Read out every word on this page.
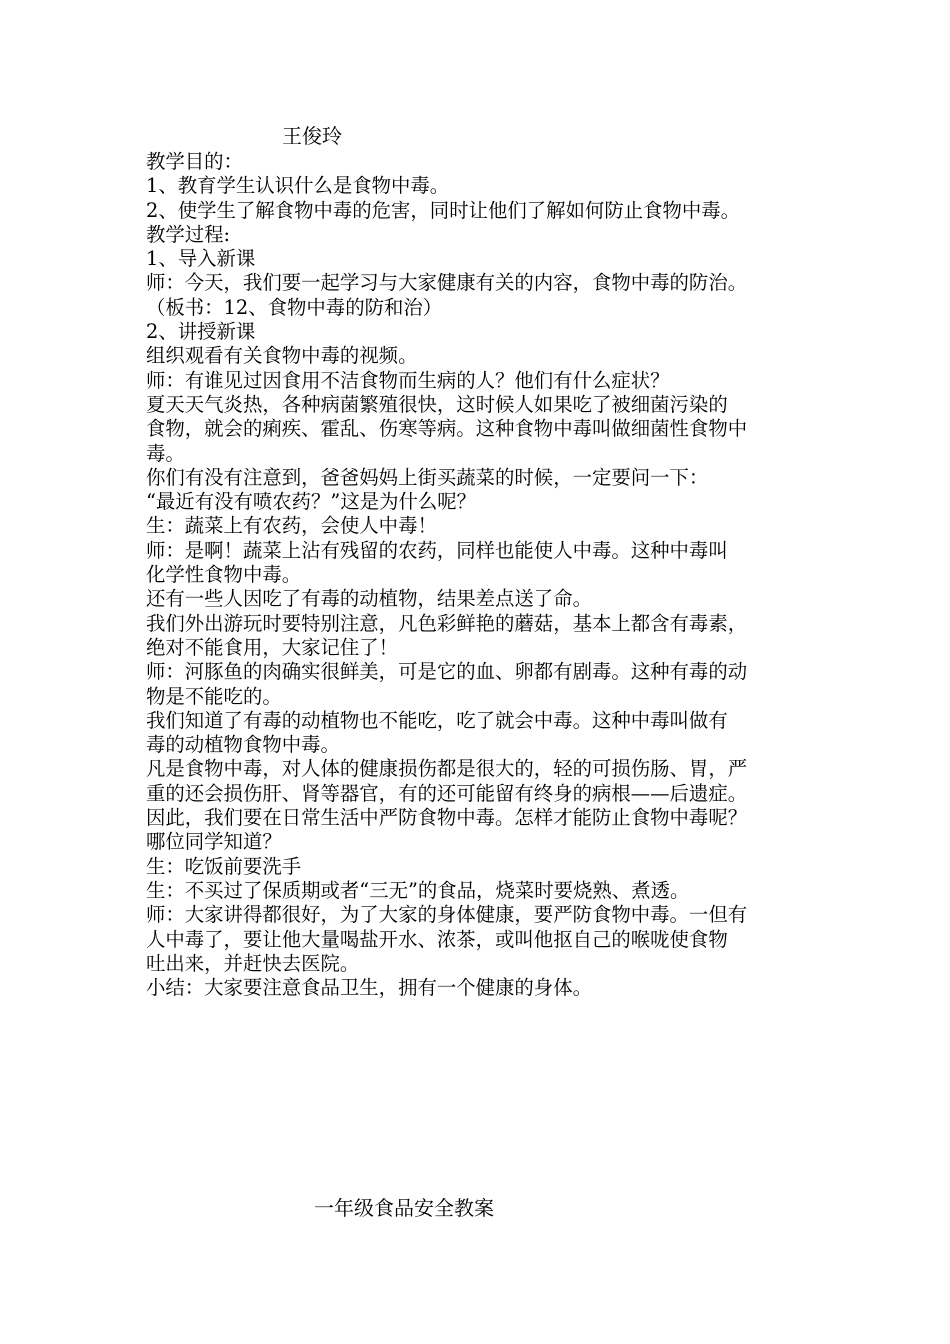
王俊玲
教学目的：
1、教育学生认识什么是食物中毒。
2、使学生了解食物中毒的危害，同时让他们了解如何防止食物中毒。
教学过程:
1、导入新课
师：今天，我们要一起学习与大家健康有关的内容，食物中毒的防治。
（板书：12、食物中毒的防和治）
2、讲授新课
组织观看有关食物中毒的视频。
师：有谁见过因食用不洁食物而生病的人？他们有什么症状？
夏天天气炎热，各种病菌繁殖很快，这时候人如果吃了被细菌污染的
食物，就会的痢疾、霍乱、伤寒等病。这种食物中毒叫做细菌性食物中
毒。
你们有没有注意到，爸爸妈妈上街买蔬菜的时候，一定要问一下：
“最近有没有喷农药？”这是为什么呢？
生：蔬菜上有农药，会使人中毒！
师：是啊！蔬菜上沾有残留的农药，同样也能使人中毒。这种中毒叫
化学性食物中毒。
还有一些人因吃了有毒的动植物，结果差点送了命。
我们外出游玩时要特别注意，凡色彩鲜艳的蘑菇，基本上都含有毒素，
绝对不能食用，大家记住了！
师：河豚鱼的肉确实很鲜美，可是它的血、卵都有剧毒。这种有毒的动
物是不能吃的。
我们知道了有毒的动植物也不能吃，吃了就会中毒。这种中毒叫做有
毒的动植物食物中毒。
凡是食物中毒，对人体的健康损伤都是很大的，轻的可损伤肠、胃，严
重的还会损伤肝、肾等器官，有的还可能留有终身的病根——后遗症。
因此，我们要在日常生活中严防食物中毒。怎样才能防止食物中毒呢？
哪位同学知道？
生：吃饭前要洗手
生：不买过了保质期或者“三无”的食品，烧菜时要烧熟、煮透。
师：大家讲得都很好，为了大家的身体健康，要严防食物中毒。一但有
人中毒了，要让他大量喝盐开水、浓茶，或叫他抠自己的喉咙使食物
吐出来，并赶快去医院。
小结：大家要注意食品卫生，拥有一个健康的身体。
一年级食品安全教案
